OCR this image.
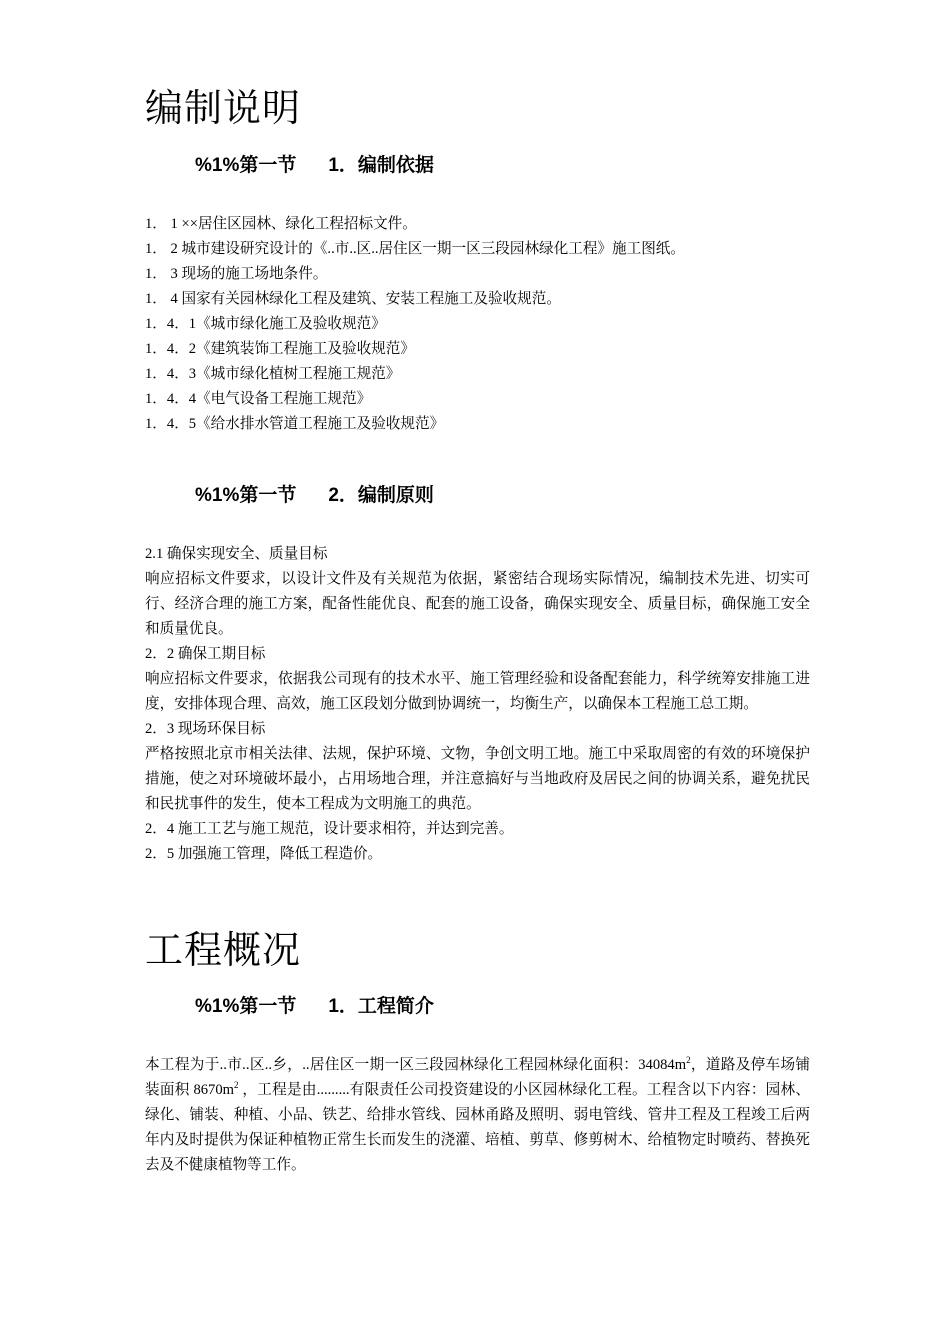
编制说明
%1%第一节 1．编制依据

1． 1 ××居住区园林、绿化工程招标文件。

1． 2 城市建设研究设计的《..市..区..居住区一期一区三段园林绿化工程》施工图纸。

1． 3 现场的施工场地条件。

1． 4 国家有关园林绿化工程及建筑、安装工程施工及验收规范。

1．4．1《城市绿化施工及验收规范》

1．4．2《建筑装饰工程施工及验收规范》

1．4．3《城市绿化植树工程施工规范》

1．4．4《电气设备工程施工规范》

1．4．5《给水排水管道工程施工及验收规范》

%1%第一节 2．编制原则

2.1 确保实现安全、质量目标

响应招标文件要求，以设计文件及有关规范为依据，紧密结合现场实际情况，编制技术先进、切实可行、经济合理的施工方案，配备性能优良、配套的施工设备，确保实现安全、质量目标，确保施工安全和质量优良。

2．2 确保工期目标

响应招标文件要求，依据我公司现有的技术水平、施工管理经验和设备配套能力，科学统筹安排施工进度，安排体现合理、高效，施工区段划分做到协调统一，均衡生产，以确保本工程施工总工期。

2．3 现场环保目标

严格按照北京市相关法律、法规，保护环境、文物，争创文明工地。施工中采取周密的有效的环境保护措施，使之对环境破坏最小，占用场地合理，并注意搞好与当地政府及居民之间的协调关系，避免扰民和民扰事件的发生，使本工程成为文明施工的典范。

2．4 施工工艺与施工规范，设计要求相符，并达到完善。

2．5 加强施工管理，降低工程造价。

工程概况
%1%第一节 1．工程简介

本工程为于..市..区..乡，..居住区一期一区三段园林绿化工程园林绿化面积：$34084m^2$，道路及停车场铺装面积 $8670m^2$ ，工程是由.........有限责任公司投资建设的小区园林绿化工程。工程含以下内容：园林、绿化、铺装、种植、小品、铁艺、给排水管线、园林甬路及照明、弱电管线、管井工程及工程竣工后两年内及时提供为保证种植物正常生长而发生的浇灌、培植、剪草、修剪树木、给植物定时喷药、替换死去及不健康植物等工作。
